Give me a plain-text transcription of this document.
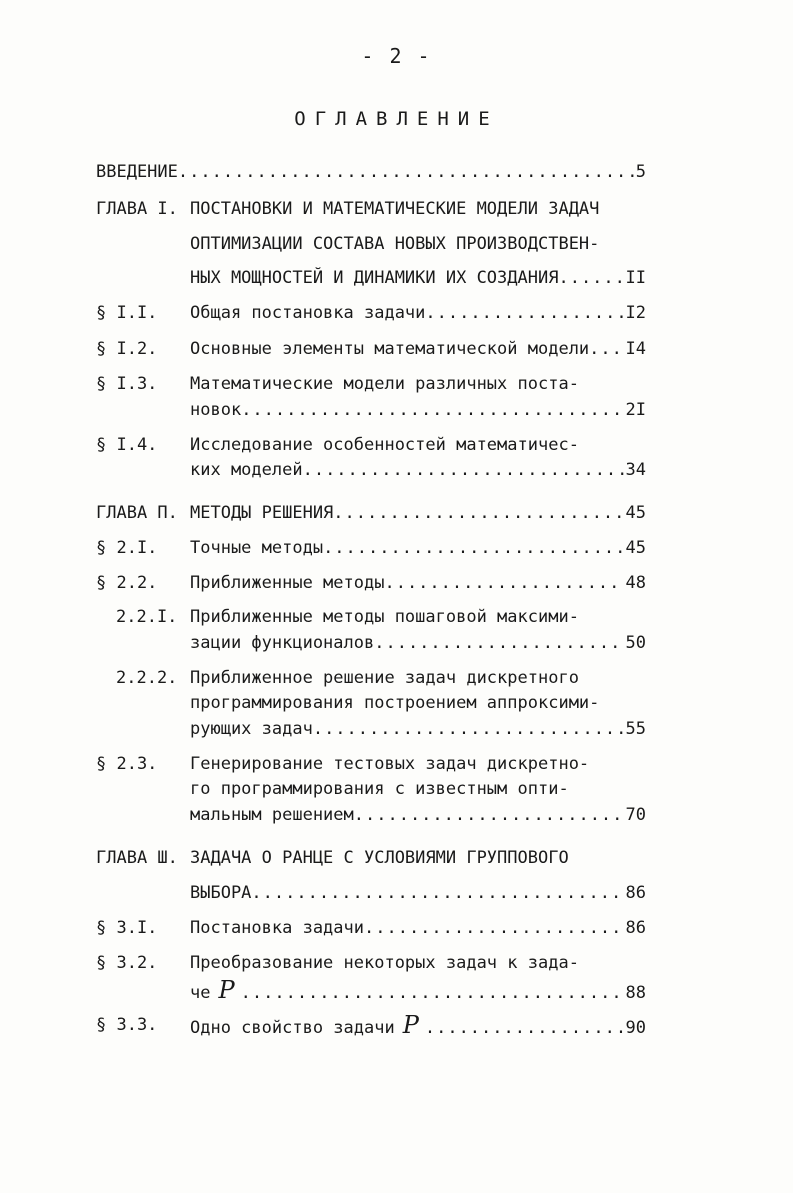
- 2 -
ОГЛАВЛЕНИЕ
ВВЕДЕНИЕ .....	5
ГЛАВА I. ПОСТАНОВКИ И МАТЕМАТИЧЕСКИЕ МОДЕЛИ ЗАДАЧ
ОПТИМИЗАЦИИ СОСТАВА НОВЫХ ПРОИЗВОДСТВЕН-
НЫХ МОЩНОСТЕЙ И ДИНАМИКИ ИХ СОЗДАНИЯ .....	II
§ I.I.	Общая постановка задачи .....	I2
§ I.2.	Основные элементы математической модели ..... I4
§ I.3.	Математические модели различных поста-
новок .....	2I
§ I.4.	Исследование особенностей математичес-
ких моделей .....	34
ГЛАВА П. МЕТОДЫ РЕШЕНИЯ .....	45
§ 2.I.	Точные методы .....	45
§ 2.2.	Приближенные методы .....	48
2.2.I. Приближенные методы пошаговой максими-
зации функционалов .....	50
2.2.2. Приближенное решение задач дискретного
программирования построением аппроксими-
рующих задач .....	55
§ 2.3.	Генерирование тестовых задач дискретно-
го программирования с известным опти-
мальным решением .....	70
ГЛАВА Ш. ЗАДАЧА О РАНЦЕ С УСЛОВИЯМИ ГРУППОВОГО
ВЫБОРА .....	86
§ 3.I.	Постановка задачи .....	86
§ 3.2.	Преобразование некоторых задач к зада-
че P .....	88
§ 3.3.	Одно свойство задачи P .....	90
